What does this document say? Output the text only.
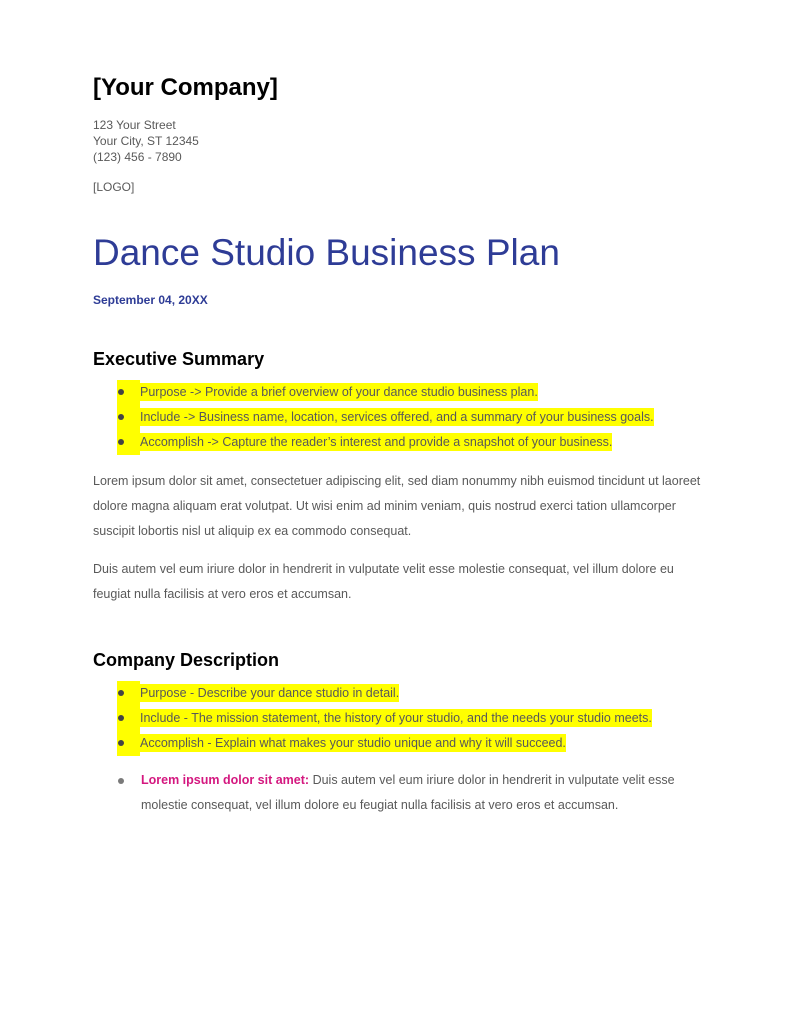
[Your Company]
123 Your Street
Your City, ST 12345
(123) 456 - 7890
[LOGO]
Dance Studio Business Plan
September 04, 20XX
Executive Summary
Purpose -> Provide a brief overview of your dance studio business plan.
Include -> Business name, location, services offered, and a summary of your business goals.
Accomplish -> Capture the reader’s interest and provide a snapshot of your business.

Lorem ipsum dolor sit amet, consectetuer adipiscing elit, sed diam nonummy nibh euismod tincidunt ut laoreet dolore magna aliquam erat volutpat. Ut wisi enim ad minim veniam, quis nostrud exerci tation ullamcorper suscipit lobortis nisl ut aliquip ex ea commodo consequat.

Duis autem vel eum iriure dolor in hendrerit in vulputate velit esse molestie consequat, vel illum dolore eu feugiat nulla facilisis at vero eros et accumsan.

Company Description
Purpose - Describe your dance studio in detail.
Include - The mission statement, the history of your studio, and the needs your studio meets.
Accomplish - Explain what makes your studio unique and why it will succeed.
Lorem ipsum dolor sit amet: Duis autem vel eum iriure dolor in hendrerit in vulputate velit esse molestie consequat, vel illum dolore eu feugiat nulla facilisis at vero eros et accumsan.
